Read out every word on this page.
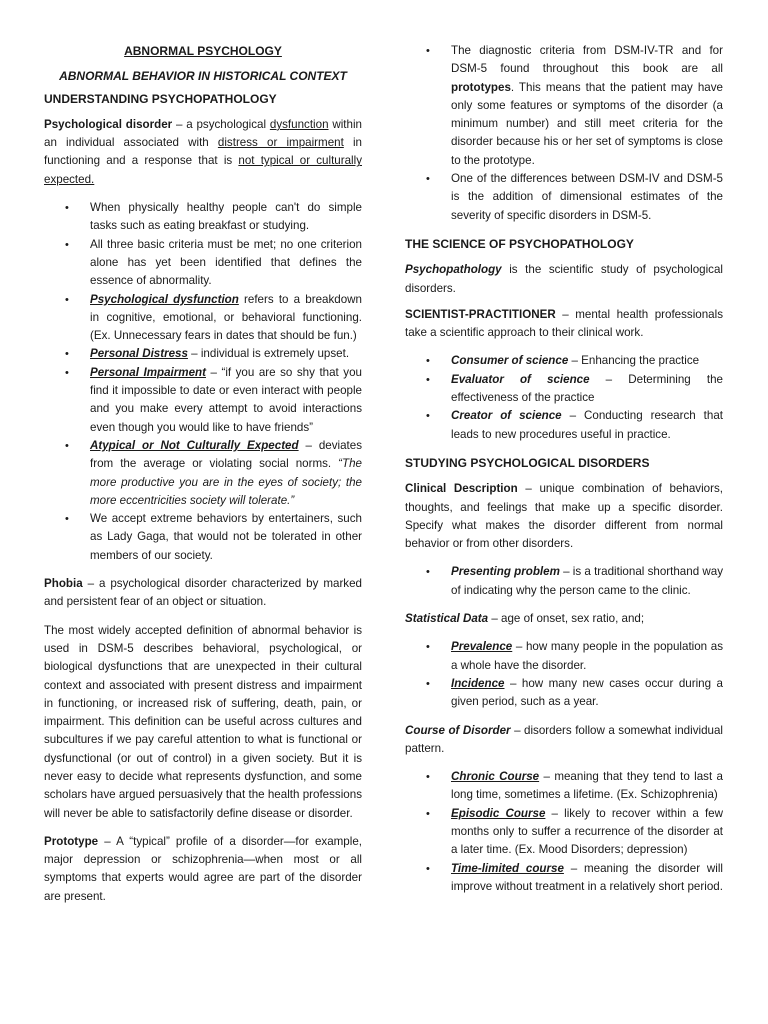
ABNORMAL PSYCHOLOGY

ABNORMAL BEHAVIOR IN HISTORICAL CONTEXT

UNDERSTANDING PSYCHOPATHOLOGY

Psychological disorder – a psychological dysfunction within an individual associated with distress or impairment in functioning and a response that is not typical or culturally expected.

• When physically healthy people can't do simple tasks such as eating breakfast or studying.
• All three basic criteria must be met; no one criterion alone has yet been identified that defines the essence of abnormality.
• Psychological dysfunction refers to a breakdown in cognitive, emotional, or behavioral functioning. (Ex. Unnecessary fears in dates that should be fun.)
• Personal Distress – individual is extremely upset.
• Personal Impairment – “if you are so shy that you find it impossible to date or even interact with people and you make every attempt to avoid interactions even though you would like to have friends”
• Atypical or Not Culturally Expected – deviates from the average or violating social norms. “The more productive you are in the eyes of society; the more eccentricities society will tolerate.”
• We accept extreme behaviors by entertainers, such as Lady Gaga, that would not be tolerated in other members of our society.

Phobia – a psychological disorder characterized by marked and persistent fear of an object or situation.

The most widely accepted definition of abnormal behavior is used in DSM-5 describes behavioral, psychological, or biological dysfunctions that are unexpected in their cultural context and associated with present distress and impairment in functioning, or increased risk of suffering, death, pain, or impairment. This definition can be useful across cultures and subcultures if we pay careful attention to what is functional or dysfunctional (or out of control) in a given society. But it is never easy to decide what represents dysfunction, and some scholars have argued persuasively that the health professions will never be able to satisfactorily define disease or disorder.

Prototype – A “typical” profile of a disorder—for example, major depression or schizophrenia—when most or all symptoms that experts would agree are part of the disorder are present.

• The diagnostic criteria from DSM-IV-TR and for DSM-5 found throughout this book are all prototypes. This means that the patient may have only some features or symptoms of the disorder (a minimum number) and still meet criteria for the disorder because his or her set of symptoms is close to the prototype.
• One of the differences between DSM-IV and DSM-5 is the addition of dimensional estimates of the severity of specific disorders in DSM-5.

THE SCIENCE OF PSYCHOPATHOLOGY

Psychopathology is the scientific study of psychological disorders.

SCIENTIST-PRACTITIONER – mental health professionals take a scientific approach to their clinical work.

• Consumer of science – Enhancing the practice
• Evaluator of science – Determining the effectiveness of the practice
• Creator of science – Conducting research that leads to new procedures useful in practice.

STUDYING PSYCHOLOGICAL DISORDERS

Clinical Description – unique combination of behaviors, thoughts, and feelings that make up a specific disorder. Specify what makes the disorder different from normal behavior or from other disorders.

• Presenting problem – is a traditional shorthand way of indicating why the person came to the clinic.

Statistical Data – age of onset, sex ratio, and;

• Prevalence – how many people in the population as a whole have the disorder.
• Incidence – how many new cases occur during a given period, such as a year.

Course of Disorder – disorders follow a somewhat individual pattern.

• Chronic Course – meaning that they tend to last a long time, sometimes a lifetime. (Ex. Schizophrenia)
• Episodic Course – likely to recover within a few months only to suffer a recurrence of the disorder at a later time. (Ex. Mood Disorders; depression)
• Time-limited course – meaning the disorder will improve without treatment in a relatively short period.
